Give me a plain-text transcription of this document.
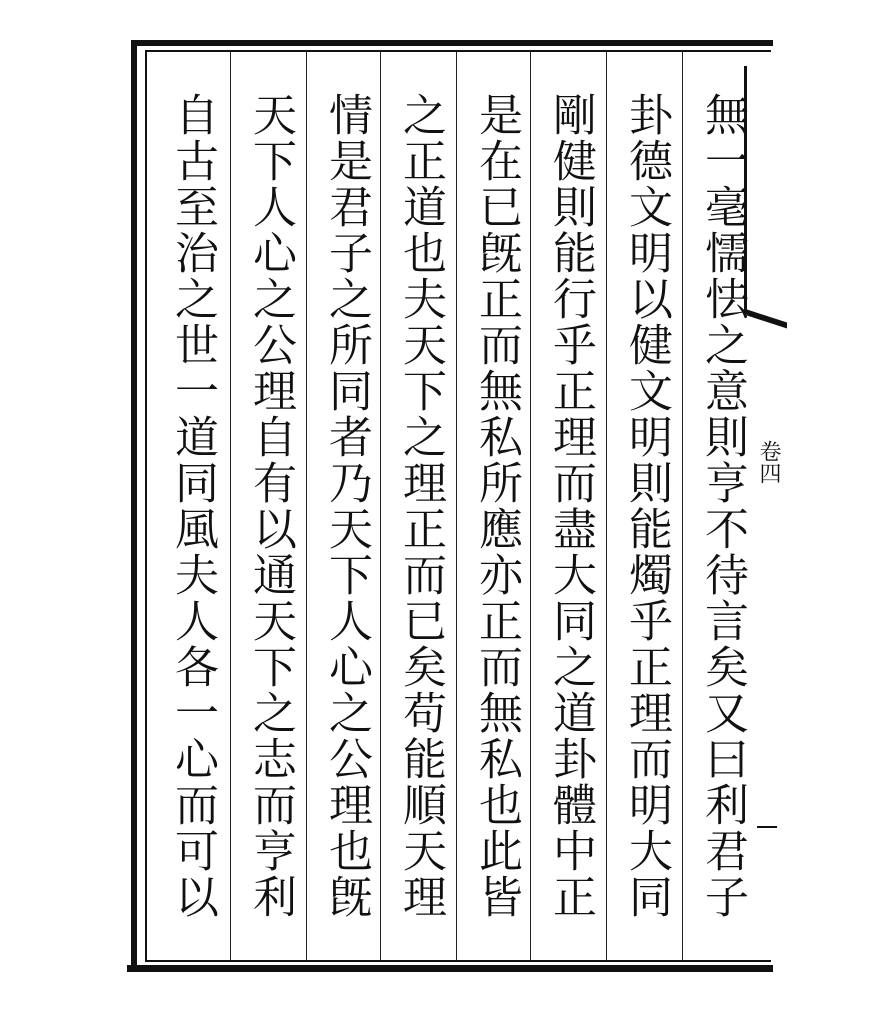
無一毫懦怯之意則亨不待言矣又曰利君子
卦德文明以健文明則能燭乎正理而明大同
剛健則能行乎正理而盡大同之道卦體中正
是在已旣正而無私所應亦正而無私也此皆
之正道也夫天下之理正而已矣苟能順天理
情是君子之所同者乃天下人心之公理也旣
天下人心之公理自有以通天下之志而亨利
自古至治之世一道同風夫人各一心而可以
卷四
